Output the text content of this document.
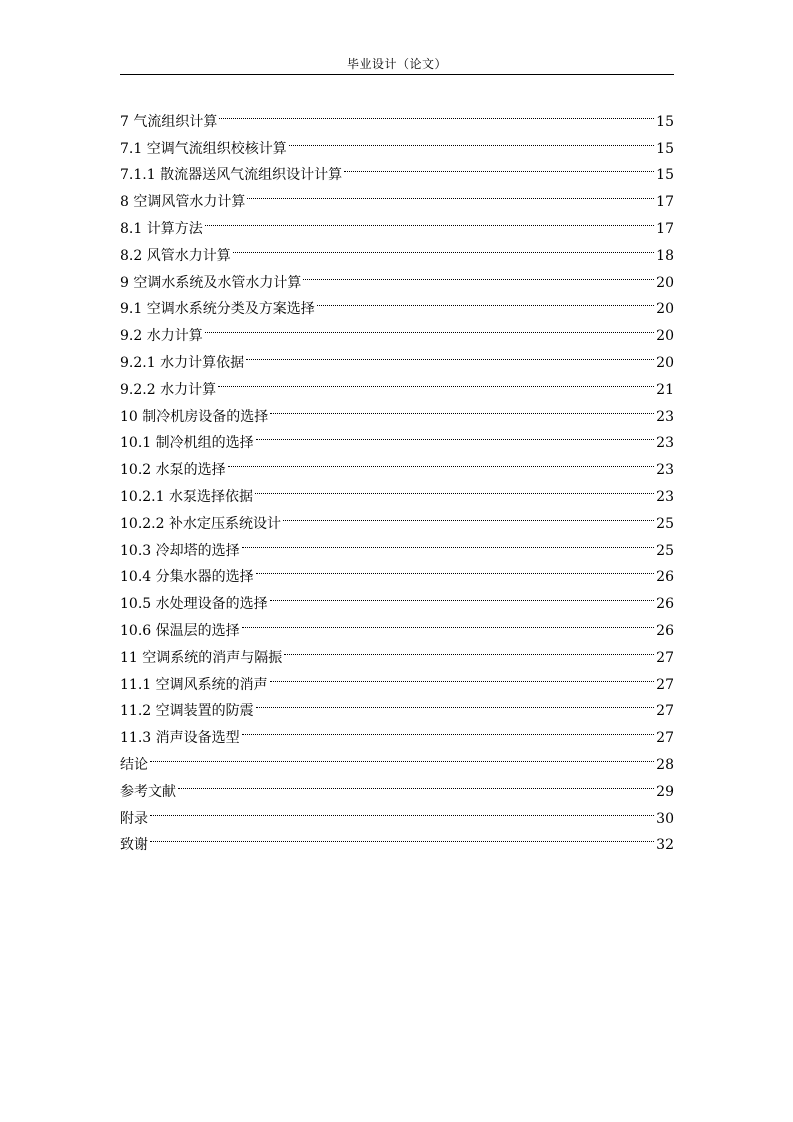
毕业设计（论文）
7 气流组织计算	15
7.1 空调气流组织校核计算	15
7.1.1 散流器送风气流组织设计计算	15
8 空调风管水力计算	17
8.1 计算方法	17
8.2 风管水力计算	18
9 空调水系统及水管水力计算	20
9.1 空调水系统分类及方案选择	20
9.2 水力计算	20
9.2.1 水力计算依据	20
9.2.2 水力计算	21
10 制冷机房设备的选择	23
10.1 制冷机组的选择	23
10.2 水泵的选择	23
10.2.1 水泵选择依据	23
10.2.2 补水定压系统设计	25
10.3 冷却塔的选择	25
10.4 分集水器的选择	26
10.5 水处理设备的选择	26
10.6 保温层的选择	26
11 空调系统的消声与隔振	27
11.1 空调风系统的消声	27
11.2 空调装置的防震	27
11.3 消声设备选型	27
结论	28
参考文献	29
附录	30
致谢	32
